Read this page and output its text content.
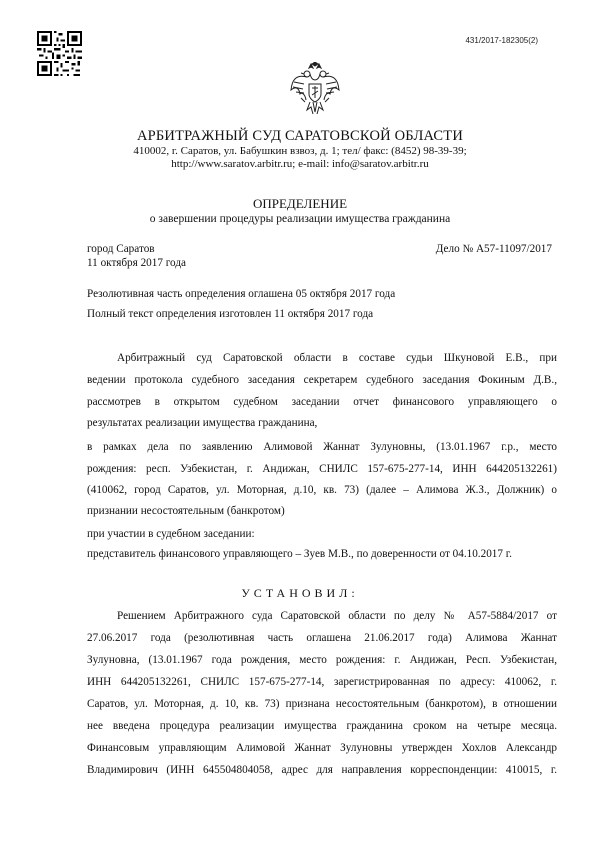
431/2017-182305(2)
АРБИТРАЖНЫЙ СУД САРАТОВСКОЙ ОБЛАСТИ
410002, г. Саратов, ул. Бабушкин взвоз, д. 1; тел/ факс: (8452) 98-39-39;
http://www.saratov.arbitr.ru; e-mail: info@saratov.arbitr.ru
ОПРЕДЕЛЕНИЕ
о завершении процедуры реализации имущества гражданина
город Саратов
11 октября 2017 года
Дело № А57-11097/2017
Резолютивная часть определения оглашена 05 октября 2017 года
Полный текст определения изготовлен 11 октября 2017 года
Арбитражный суд Саратовской области в составе судьи Шкуновой Е.В., при
ведении протокола судебного заседания секретарем судебного заседания Фокиным Д.В.,
рассмотрев в открытом судебном заседании отчет финансового управляющего о
результатах реализации имущества гражданина,
в рамках дела по заявлению Алимовой Жаннат Зулуновны, (13.01.1967 г.р., место
рождения: респ. Узбекистан, г. Андижан, СНИЛС 157-675-277-14, ИНН 644205132261)
(410062, город Саратов, ул. Моторная, д.10, кв. 73) (далее – Алимова Ж.З., Должник) о
признании несостоятельным (банкротом)
при участии в судебном заседании:
представитель финансового управляющего – Зуев М.В., по доверенности от 04.10.2017 г.
УСТАНОВИЛ:
Решением Арбитражного суда Саратовской области по делу № А57-5884/2017 от
27.06.2017 года (резолютивная часть оглашена 21.06.2017 года) Алимова Жаннат
Зулуновна, (13.01.1967 года рождения, место рождения: г. Андижан, Респ. Узбекистан,
ИНН 644205132261, СНИЛС 157-675-277-14, зарегистрированная по адресу: 410062, г.
Саратов, ул. Моторная, д. 10, кв. 73) признана несостоятельным (банкротом), в отношении
нее введена процедура реализации имущества гражданина сроком на четыре месяца.
Финансовым управляющим Алимовой Жаннат Зулуновны утвержден Хохлов Александр
Владимирович (ИНН 645504804058, адрес для направления корреспонденции: 410015, г.
